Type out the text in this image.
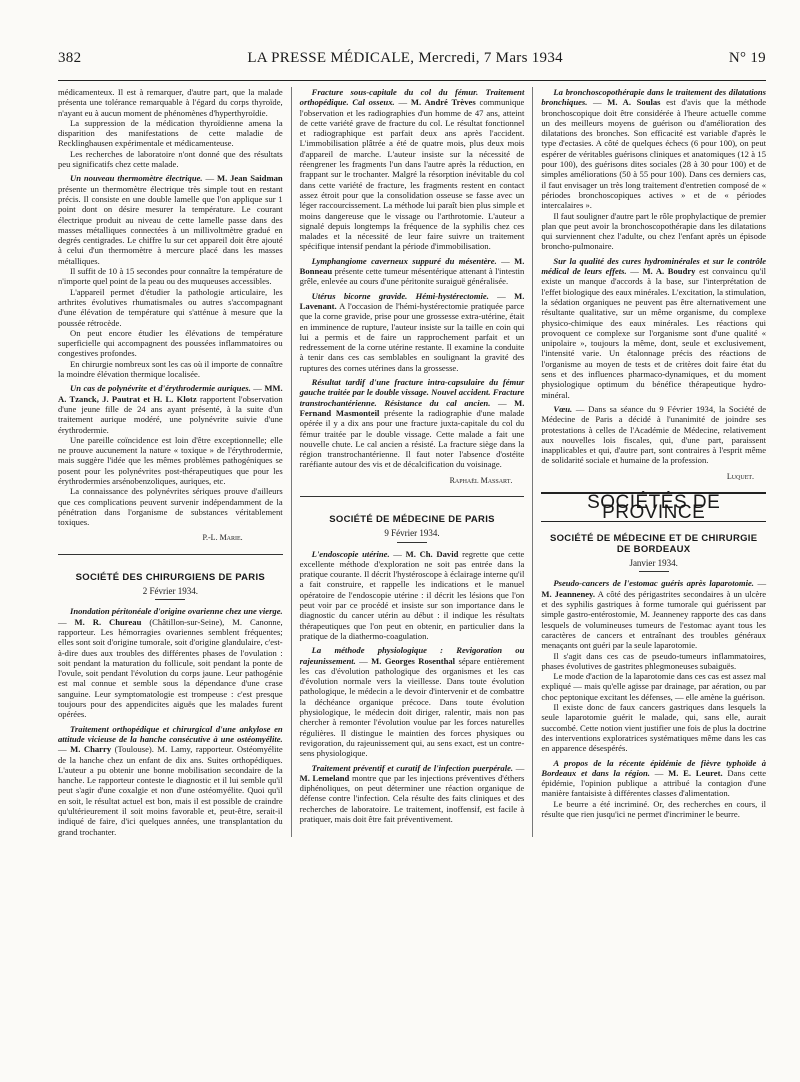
382	LA PRESSE MÉDICALE, Mercredi, 7 Mars 1934	N° 19

médicamenteux. Il est à remarquer, d'autre part, que la malade présenta une tolérance remarquable à l'égard du corps thyroïde, n'ayant eu à aucun moment de phénomènes d'hyperthyroïdie.

La suppression de la médication thyroïdienne amena la disparition des manifestations de cette maladie de Recklinghausen expérimentale et médicamenteuse.

Les recherches de laboratoire n'ont donné que des résultats peu significatifs chez cette malade.

Un nouveau thermomètre électrique. — M. Jean Saidman présente un thermomètre électrique très simple tout en restant précis. Il consiste en une double lamelle que l'on applique sur 1 point dont on désire mesurer la température. Le courant électrique produit au niveau de cette lamelle passe dans des masses métalliques connectées à un millivoltmètre gradué en degrés centigrades. Le chiffre lu sur cet appareil doit être ajouté à celui d'un thermomètre à mercure placé dans les masses métalliques.

Il suffit de 10 à 15 secondes pour connaître la température de n'importe quel point de la peau ou des muqueuses accessibles.

L'appareil permet d'étudier la pathologie articulaire, les arthrites évolutives rhumatismales ou autres s'accompagnant d'une élévation de température qui s'atténue à mesure que la poussée rétrocède.

On peut encore étudier les élévations de température superficielle qui accompagnent des poussées inflammatoires ou congestives profondes.

En chirurgie nombreux sont les cas où il importe de connaître la moindre élévation thermique localisée.

Un cas de polynévrite et d'érythrodermie auriques. — MM. A. Tzanck, J. Pautrat et H. L. Klotz rapportent l'observation d'une jeune fille de 24 ans ayant présenté, à la suite d'un traitement aurique modéré, une polynévrite suivie d'une érythrodermie.

Une pareille coïncidence est loin d'être exceptionnelle; elle ne prouve aucunement la nature « toxique » de l'érythrodermie, mais suggère l'idée que les mêmes problèmes pathogéniques se posent pour les polynévrites post-thérapeutiques que pour les érythrodermies arsénobenzoliques, auriques, etc.

La connaissance des polynévrites sériques prouve d'ailleurs que ces complications peuvent survenir indépendamment de la pénétration dans l'organisme de substances véritablement toxiques.

P.-L. Marie.

SOCIÉTÉ DES CHIRURGIENS DE PARIS
2 Février 1934.

Inondation péritonéale d'origine ovarienne chez une vierge. — M. R. Chureau (Châtillon-sur-Seine), M. Canonne, rapporteur. Les hémorragies ovariennes semblent fréquentes; elles sont soit d'origine tumorale, soit d'origine glandulaire, c'est-à-dire dues aux troubles des différentes phases de l'ovulation : soit pendant la maturation du follicule, soit pendant la ponte de l'ovule, soit pendant l'évolution du corps jaune. Leur pathogénie est mal connue et semble sous la dépendance d'une crase sanguine. Leur symptomatologie est trompeuse : c'est presque toujours pour des appendicites aiguës que les malades furent opérées.

Traitement orthopédique et chirurgical d'une ankylose en attitude vicieuse de la hanche consécutive à une ostéomyélite. — M. Charry (Toulouse). M. Lamy, rapporteur. Ostéomyélite de la hanche chez un enfant de dix ans. Suites orthopédiques. L'auteur a pu obtenir une bonne mobilisation secondaire de la hanche. Le rapporteur conteste le diagnostic et il lui semble qu'il peut s'agir d'une coxalgie et non d'une ostéomyélite. Quoi qu'il en soit, le résultat actuel est bon, mais il est possible de craindre qu'ultérieurement il soit moins favorable et, peut-être, serait-il indiqué de faire, d'ici quelques années, une transplantation du grand trochanter.

Fracture sous-capitale du col du fémur. Traitement orthopédique. Cal osseux. — M. André Trèves communique l'observation et les radiographies d'un homme de 47 ans, atteint de cette variété grave de fracture du col. Le résultat fonctionnel et radiographique est parfait deux ans après l'accident. L'immobilisation plâtrée a été de quatre mois, plus deux mois d'appareil de marche. L'auteur insiste sur la nécessité de réengrener les fragments l'un dans l'autre après la réduction, en frappant sur le trochanter. Malgré la résorption inévitable du col dans cette variété de fracture, les fragments restent en contact assez étroit pour que la consolidation osseuse se fasse avec un léger raccourcissement. La méthode lui paraît bien plus simple et moins dangereuse que le vissage ou l'arthrotomie. L'auteur a signalé depuis longtemps la fréquence de la syphilis chez ces malades et la nécessité de leur faire suivre un traitement spécifique intensif pendant la période d'immobilisation.

Lymphangiome caverneux suppuré du mésentère. — M. Bonneau présente cette tumeur mésentérique attenant à l'intestin grêle, enlevée au cours d'une péritonite suraiguë généralisée.

Utérus bicorne gravide. Hémi-hystérectomie. — M. Lavenant. A l'occasion de l'hémi-hystérectomie pratiquée parce que la corne gravide, prise pour une grossesse extra-utérine, était en imminence de rupture, l'auteur insiste sur la taille en coin qui lui a permis et de faire un rapprochement parfait et un redressement de la corne utérine restante. Il examine la conduite à tenir dans ces cas semblables en soulignant la gravité des ruptures des cornes utérines dans la grossesse.

Résultat tardif d'une fracture intra-capsulaire du fémur gauche traitée par le double vissage. Nouvel accident. Fracture transtrochantérienne. Résistance du cal ancien. — M. Fernand Masmonteil présente la radiographie d'une malade opérée il y a dix ans pour une fracture juxta-capitale du col du fémur traitée par le double vissage. Cette malade a fait une nouvelle chute. Le cal ancien a résisté. La fracture siège dans la région transtrochantérienne. Il faut noter l'absence d'ostéite raréfiante autour des vis et de décalcification du voisinage.

Raphaël Massart.

SOCIÉTÉ DE MÉDECINE DE PARIS
9 Février 1934.

L'endoscopie utérine. — M. Ch. David regrette que cette excellente méthode d'exploration ne soit pas entrée dans la pratique courante. Il décrit l'hystéroscope à éclairage interne qu'il a fait construire, et rappelle les indications et le manuel opératoire de l'endoscopie utérine : il décrit les lésions que l'on peut voir par ce procédé et insiste sur son importance dans le diagnostic du cancer utérin au début : il indique les résultats thérapeutiques que l'on peut en obtenir, en particulier dans la pratique de la diathermo-coagulation.

La méthode physiologique : Revigoration ou rajeunissement. — M. Georges Rosenthal sépare entièrement les cas d'évolution pathologique des organismes et les cas d'évolution normale vers la vieillesse. Dans toute évolution pathologique, le médecin a le devoir d'intervenir et de combattre la déchéance organique précoce. Dans toute évolution physiologique, le médecin doit diriger, ralentir, mais non pas chercher à remonter l'évolution voulue par les forces naturelles régulières. Il distingue le maintien des forces physiques ou revigoration, du rajeunissement qui, au sens exact, est un contre-sens physiologique.

Traitement préventif et curatif de l'infection puerpérale. — M. Lemeland montre que par les injections préventives d'éthers diphénoliques, on peut déterminer une réaction organique de défense contre l'infection. Cela résulte des faits cliniques et des recherches de laboratoire. Le traitement, inoffensif, est facile à pratiquer, mais doit être fait préventivement.

La bronchoscopothérapie dans le traitement des dilatations bronchiques. — M. A. Soulas est d'avis que la méthode bronchoscopique doit être considérée à l'heure actuelle comme un des meilleurs moyens de guérison ou d'amélioration des dilatations des bronches. Son efficacité est variable d'après le type d'ectasies. A côté de quelques échecs (6 pour 100), on peut espérer de véritables guérisons cliniques et anatomiques (12 à 15 pour 100), des guérisons dites sociales (28 à 30 pour 100) et de simples améliorations (50 à 55 pour 100). Dans ces derniers cas, il faut envisager un très long traitement d'entretien composé de « périodes bronchoscopiques actives » et de « périodes intercalaires ».

Il faut souligner d'autre part le rôle prophylactique de premier plan que peut avoir la bronchoscopothérapie dans les dilatations qui surviennent chez l'adulte, ou chez l'enfant après un épisode broncho-pulmonaire.

Sur la qualité des cures hydrominérales et sur le contrôle médical de leurs effets. — M. A. Boudry est convaincu qu'il existe un manque d'accords à la base, sur l'interprétation de l'effet biologique des eaux minérales. L'excitation, la stimulation, la sédation organiques ne peuvent pas être alternativement une résultante qualitative, sur un même organisme, du complexe physico-chimique des eaux minérales. Les réactions qui provoquent ce complexe sur l'organisme sont d'une qualité « unipolaire », toujours la même, dont, seule et exclusivement, l'intensité varie. Un étalonnage précis des réactions de l'organisme au moyen de tests et de critères doit faire état du sens et des influences pharmaco-dynamiques, et du moment physiologique optimum du bénéfice thérapeutique hydro-minéral.

Vœu. — Dans sa séance du 9 Février 1934, la Société de Médecine de Paris a décidé à l'unanimité de joindre ses protestations à celles de l'Académie de Médecine, relativement aux nouvelles lois fiscales, qui, d'une part, paraissent inapplicables et qui, d'autre part, sont contraires à l'esprit même de solidarité sociale et humaine de la profession.

Luquet.

SOCIÉTÉS DE PROVINCE
SOCIÉTÉ DE MÉDECINE ET DE CHIRURGIE
DE BORDEAUX
Janvier 1934.

Pseudo-cancers de l'estomac guéris après laparotomie. — M. Jeanneney. A côté des périgastrites secondaires à un ulcère et des syphilis gastriques à forme tumorale qui guérissent par simple gastro-entérostomie, M. Jeanneney rapporte des cas dans lesquels de volumineuses tumeurs de l'estomac ayant tous les caractères de cancers et entraînant des troubles généraux menaçants ont guéri par la seule laparotomie.

Il s'agit dans ces cas de pseudo-tumeurs inflammatoires, phases évolutives de gastrites phlegmoneuses subaiguës.

Le mode d'action de la laparotomie dans ces cas est assez mal expliqué — mais qu'elle agisse par drainage, par aération, ou par choc peptonique excitant les défenses, — elle amène la guérison.

Il existe donc de faux cancers gastriques dans lesquels la seule laparotomie guérit le malade, qui, sans elle, aurait succombé. Cette notion vient justifier une fois de plus la doctrine des interventions exploratrices systématiques même dans les cas en apparence désespérés.

A propos de la récente épidémie de fièvre typhoïde à Bordeaux et dans la région. — M. E. Leuret. Dans cette épidémie, l'opinion publique a attribué la contagion d'une manière fantaisiste à différentes classes d'alimentation.

Le beurre a été incriminé. Or, des recherches en cours, il résulte que rien jusqu'ici ne permet d'incriminer le beurre.
